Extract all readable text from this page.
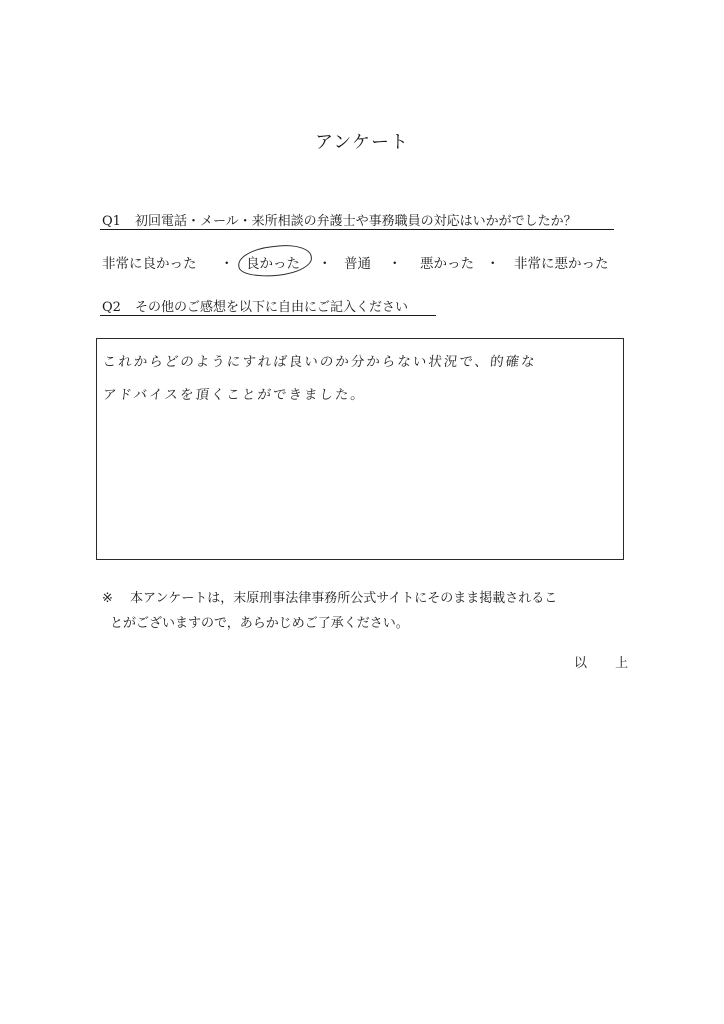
アンケート
Q1 初回電話・メール・来所相談の弁護士や事務職員の対応はいかがでしたか？
非常に良かった ・ 良かった ・ 普通 ・ 悪かった ・ 非常に悪かった
Q2 その他のご感想を以下に自由にご記入ください
これからどのようにすれば良いのか分からない状況で、的確な
アドバイスを頂くことができました。
※ 本アンケートは，末原刑事法律事務所公式サイトにそのまま掲載されるこ
とがございますので，あらかじめご了承ください。
以 上
